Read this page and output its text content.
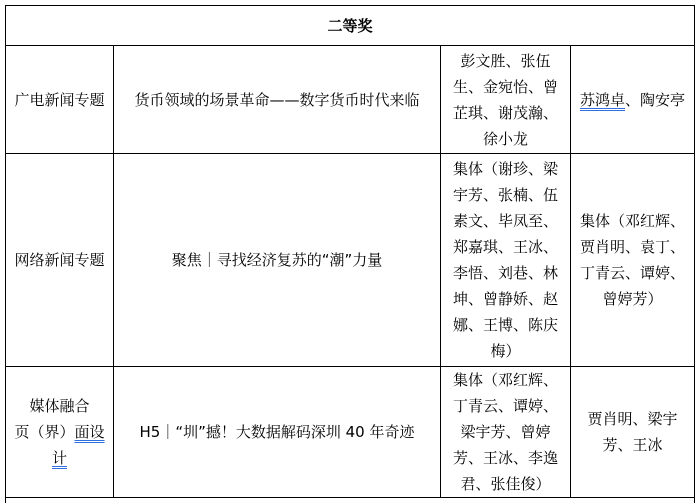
二等奖
广电新闻专题 货币领域的场景革命——数字货币时代来临
彭文胜、张伍
生、金宛怡、曾
芷琪、谢茂瀚、
徐小龙
苏鸿卓、陶安亭
网络新闻专题	聚焦｜寻找经济复苏的“潮”力量
集体（谢珍、梁
宇芳、张楠、伍
素文、毕凤至、
郑嘉琪、王冰、
李悟、刘巷、林
坤、曾静娇、赵
娜、王博、陈庆
梅）
集体（邓红辉、
贾肖明、袁丁、
丁青云、谭婷、
曾婷芳）
媒体融合
页（界）面设
计
H5｜“圳”撼！大数据解码深圳 40 年奇迹
集体（邓红辉、
丁青云、谭婷、
梁宇芳、曾婷
芳、王冰、李逸
君、张佳俊）
贾肖明、梁宇
芳、王冰
